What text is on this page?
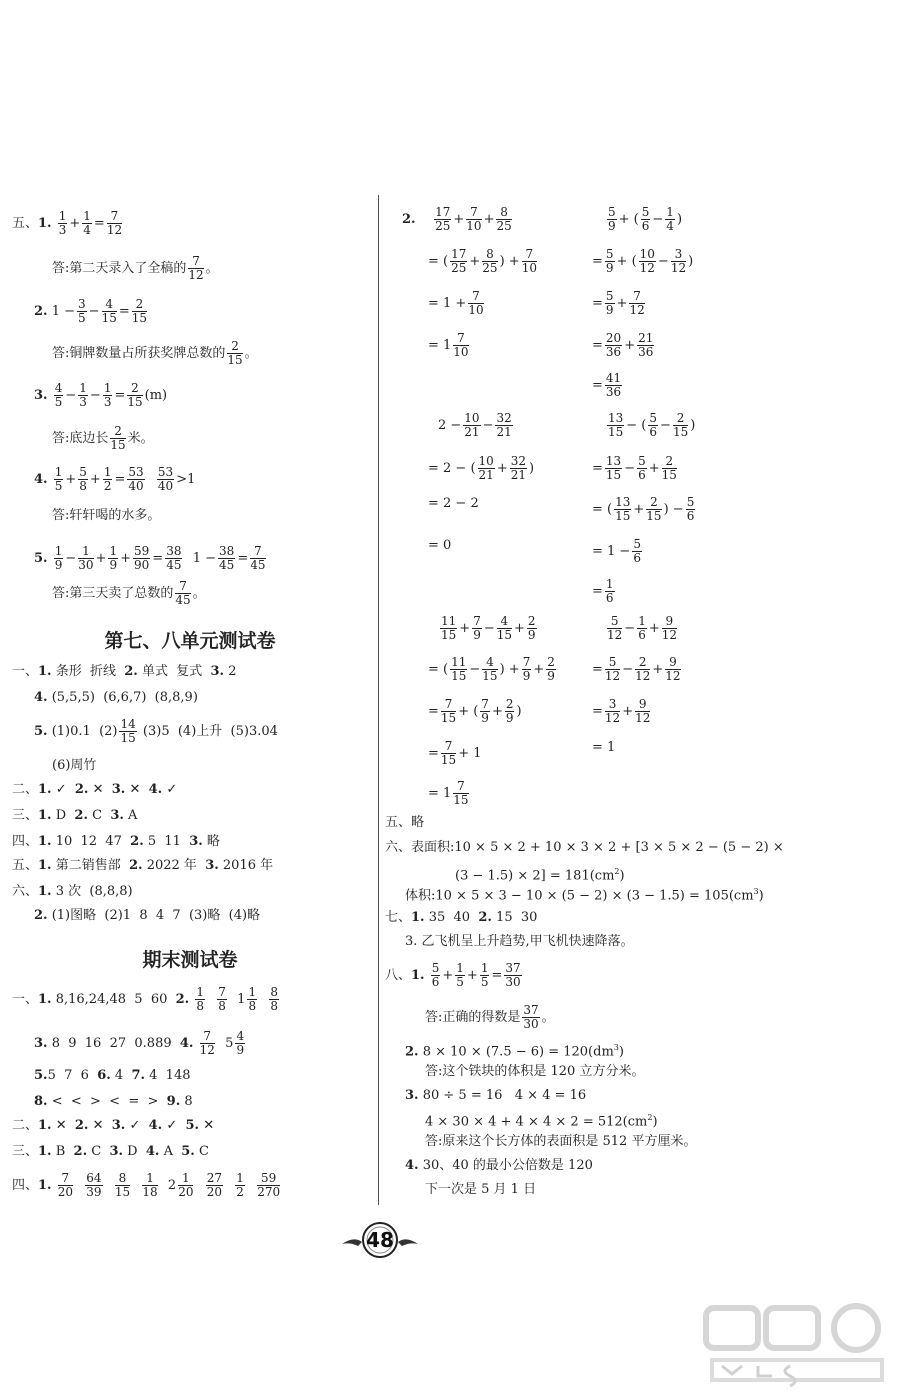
五、1. $\frac{1}{3} + \frac{1}{4} = \frac{7}{12}$
答:第二天录入了全稿的 $\frac{7}{12}$ 。
2. $1 - \frac{3}{5} - \frac{4}{15} = \frac{2}{15}$
答:铜牌数量占所获奖牌总数的 $\frac{2}{15}$ 。
3. $\frac{4}{5} - \frac{1}{3} - \frac{1}{3} = \frac{2}{15} (m)$
答:底边长 $\frac{2}{15}$ 米。
4. $\frac{1}{5} + \frac{5}{8} + \frac{1}{2} = \frac{53}{40}$
$\frac{53}{40} >1$
答:轩轩喝的水多。
5. $\frac{1}{9} - \frac{1}{30} + \frac{1}{9} + \frac{59}{90} = \frac{38}{45} 1 - \frac{38}{45} = \frac{7}{45}$
答:第三天卖了总数的 $\frac{7}{45}$ 。
第七、八单元测试卷
一、1. 条形  折线  2. 单式  复式  3. 2
4. (5,5,5)  (6,6,7)  (8,8,9)
5. (1)0.1  $(2) \frac{14}{15} (3)5$  (4)上升  (5)3.04
(6)周竹
二、1. ✓  2. ✕  3. ✕  4. ✓
三、1. D  2. C  3. A
四、1. 10  12  47  2. 5  11  3. 略
五、1. 第二销售部  2. 2022 年  3. 2016 年
六、1. 3 次  (8,8,8)
2. (1)图略  (2)1  8  4  7  (3)略  (4)略
期末测试卷
一、1. 8,16,24,48  5  60  2. $\frac{1}{8}$
$\frac{7}{8} 1 \frac{1}{8}$
$\frac{8}{8}$
3. 8  9  16  27  0.889  4. $\frac{7}{12} 5 \frac{4}{9}$
5.5  7  6  6. 4  7. 4  148
8. <  <  >  <  =  >  9. 8
二、1. ✕  2. ✕  3. ✓  4. ✓  5. ✕
三、1. B  2. C  3. D  4. A  5. C
四、1. $\frac{7}{20}$
$\frac{64}{39}$
$\frac{8}{15}$
$\frac{1}{18} 2 \frac{1}{20}$
$\frac{27}{20}$
$\frac{1}{2}$
$\frac{59}{270}$
2. $\frac{17}{25} + \frac{7}{10} + \frac{8}{25}$
= ( $\frac{17}{25} + \frac{8}{25}$ ) + $\frac{7}{10}$
= $1 + \frac{7}{10}$
= $1 \frac{7}{10}$
$2 - \frac{10}{21} - \frac{32}{21}$
= 2 − ( $\frac{10}{21} + \frac{32}{21}$ )
= 2 − 2
= 0
$\frac{11}{15} + \frac{7}{9} - \frac{4}{15} + \frac{2}{9}$
= ( $\frac{11}{15} - \frac{4}{15}$ ) + $\frac{7}{9} + \frac{2}{9}$
= $\frac{7}{15}$ + ( $\frac{7}{9} + \frac{2}{9}$ )
= $\frac{7}{15} + 1$
= $1 \frac{7}{15}$
$\frac{5}{9}$ + ( $\frac{5}{6} - \frac{1}{4}$ )
= $\frac{5}{9}$ + ( $\frac{10}{12} - \frac{3}{12}$ )
= $\frac{5}{9} + \frac{7}{12}$
= $\frac{20}{36} + \frac{21}{36}$
= $\frac{41}{36}$
$\frac{13}{15}$ − ( $\frac{5}{6} - \frac{2}{15}$ )
= $\frac{13}{15} - \frac{5}{6} + \frac{2}{15}$
= ( $\frac{13}{15} + \frac{2}{15}$ ) − $\frac{5}{6}$
= $1 - \frac{5}{6}$
= $\frac{1}{6}$
$\frac{5}{12} - \frac{1}{6} + \frac{9}{12}$
= $\frac{5}{12} - \frac{2}{12} + \frac{9}{12}$
= $\frac{3}{12} + \frac{9}{12}$
= 1
五、略
六、表面积:10 × 5 × 2 + 10 × 3 × 2 + [3 × 5 × 2 − (5 − 2) ×
$(3 - 1.5) \times 2] = 181(cm^2)$
体积:10 × $5 \times 3 - 10 \times (5 - 2) \times (3 - 1.5) = 105(cm^3)$
七、1. 35  40  2. 15  30
3. 乙飞机呈上升趋势,甲飞机快速降落。
八、1. $\frac{5}{6} + \frac{1}{5} + \frac{1}{5} = \frac{37}{30}$
答:正确的得数是 $\frac{37}{30}$ 。
2. $8 \times 10 \times (7.5 - 6) = 120(dm^3)$
答:这个铁块的体积是 120 立方分米。
3. 80 ÷ 5 = 16   4 × 4 = 16
$4 \times 30 \times 4 + 4 \times 4 \times 2 = 512(cm^2)$
答:原来这个长方体的表面积是 512 平方厘米。
4. 30、40 的最小公倍数是 120
下一次是 5 月 1 日
48
